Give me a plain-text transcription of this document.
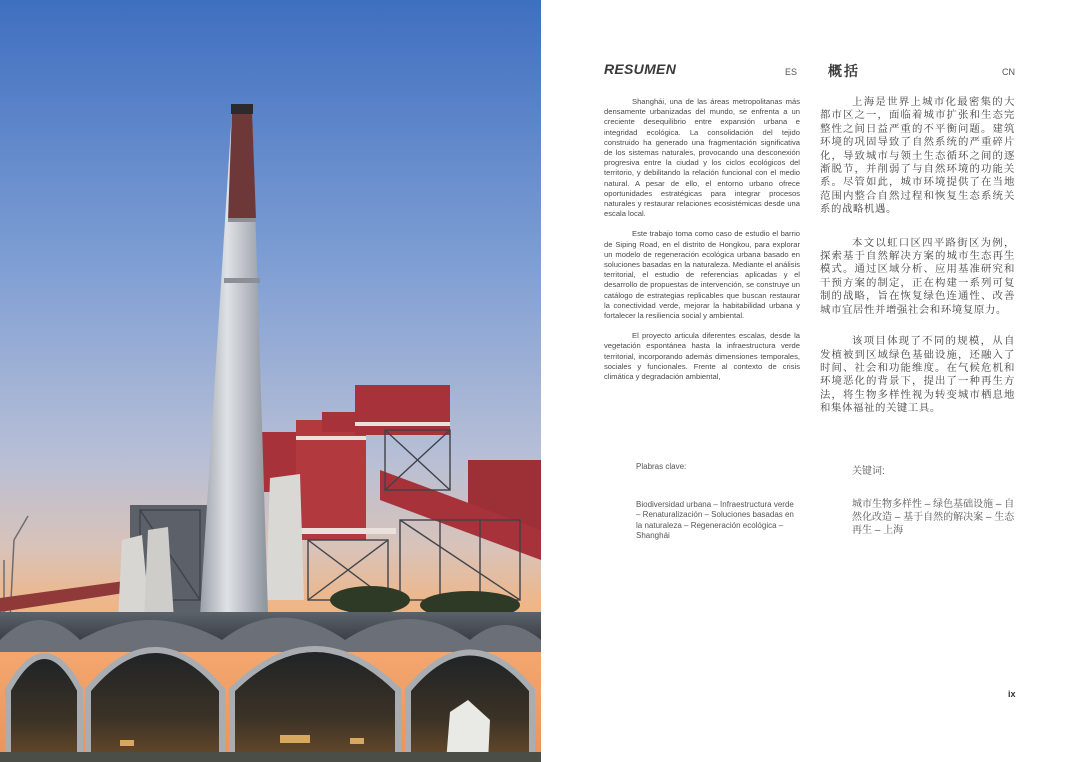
RESUMEN	ES

Shanghái, una de las áreas metropolitanas más densamente urbanizadas del mundo, se enfrenta a un creciente desequilibrio entre expansión urbana e integridad ecológica. La consolidación del tejido construido ha generado una fragmentación significativa de los sistemas naturales, provocando una desconexión progresiva entre la ciudad y los ciclos ecológicos del territorio, y debilitando la relación funcional con el medio natural. A pesar de ello, el entorno urbano ofrece oportunidades estratégicas para integrar procesos naturales y restaurar relaciones ecosistémicas desde una escala local.

Este trabajo toma como caso de estudio el barrio de Siping Road, en el distrito de Hongkou, para explorar un modelo de regeneración ecológica urbana basado en soluciones basadas en la naturaleza. Mediante el análisis territorial, el estudio de referencias aplicadas y el desarrollo de propuestas de intervención, se construye un catálogo de estrategias replicables que buscan restaurar la conectividad verde, mejorar la habitabilidad urbana y fortalecer la resiliencia social y ambiental.

El proyecto articula diferentes escalas, desde la vegetación espontánea hasta la infraestructura verde territorial, incorporando además dimensiones temporales, sociales y funcionales. Frente al contexto de crisis climática y degradación ambiental,

Plabras clave:

Biodiversidad urbana – Infraestructura verde – Renaturalización – Soluciones basadas en la naturaleza – Regeneración ecológica – Shanghái

概括	CN

上海是世界上城市化最密集的大都市区之一，面临着城市扩张和生态完整性之间日益严重的不平衡问题。建筑环境的巩固导致了自然系统的严重碎片化，导致城市与领土生态循环之间的逐渐脱节，并削弱了与自然环境的功能关系。尽管如此，城市环境提供了在当地范围内整合自然过程和恢复生态系统关系的战略机遇。

本文以虹口区四平路街区为例，探索基于自然解决方案的城市生态再生模式。通过区域分析、应用基准研究和干预方案的制定，正在构建一系列可复制的战略，旨在恢复绿色连通性、改善城市宜居性并增强社会和环境复原力。

该项目体现了不同的规模，从自发植被到区域绿色基础设施，还融入了时间、社会和功能维度。在气候危机和环境恶化的背景下，提出了一种再生方法，将生物多样性视为转变城市栖息地和集体福祉的关键工具。

关键词:

城市生物多样性 – 绿色基础设施 – 自然化改造 – 基于自然的解决案 – 生态再生 – 上海

ix
